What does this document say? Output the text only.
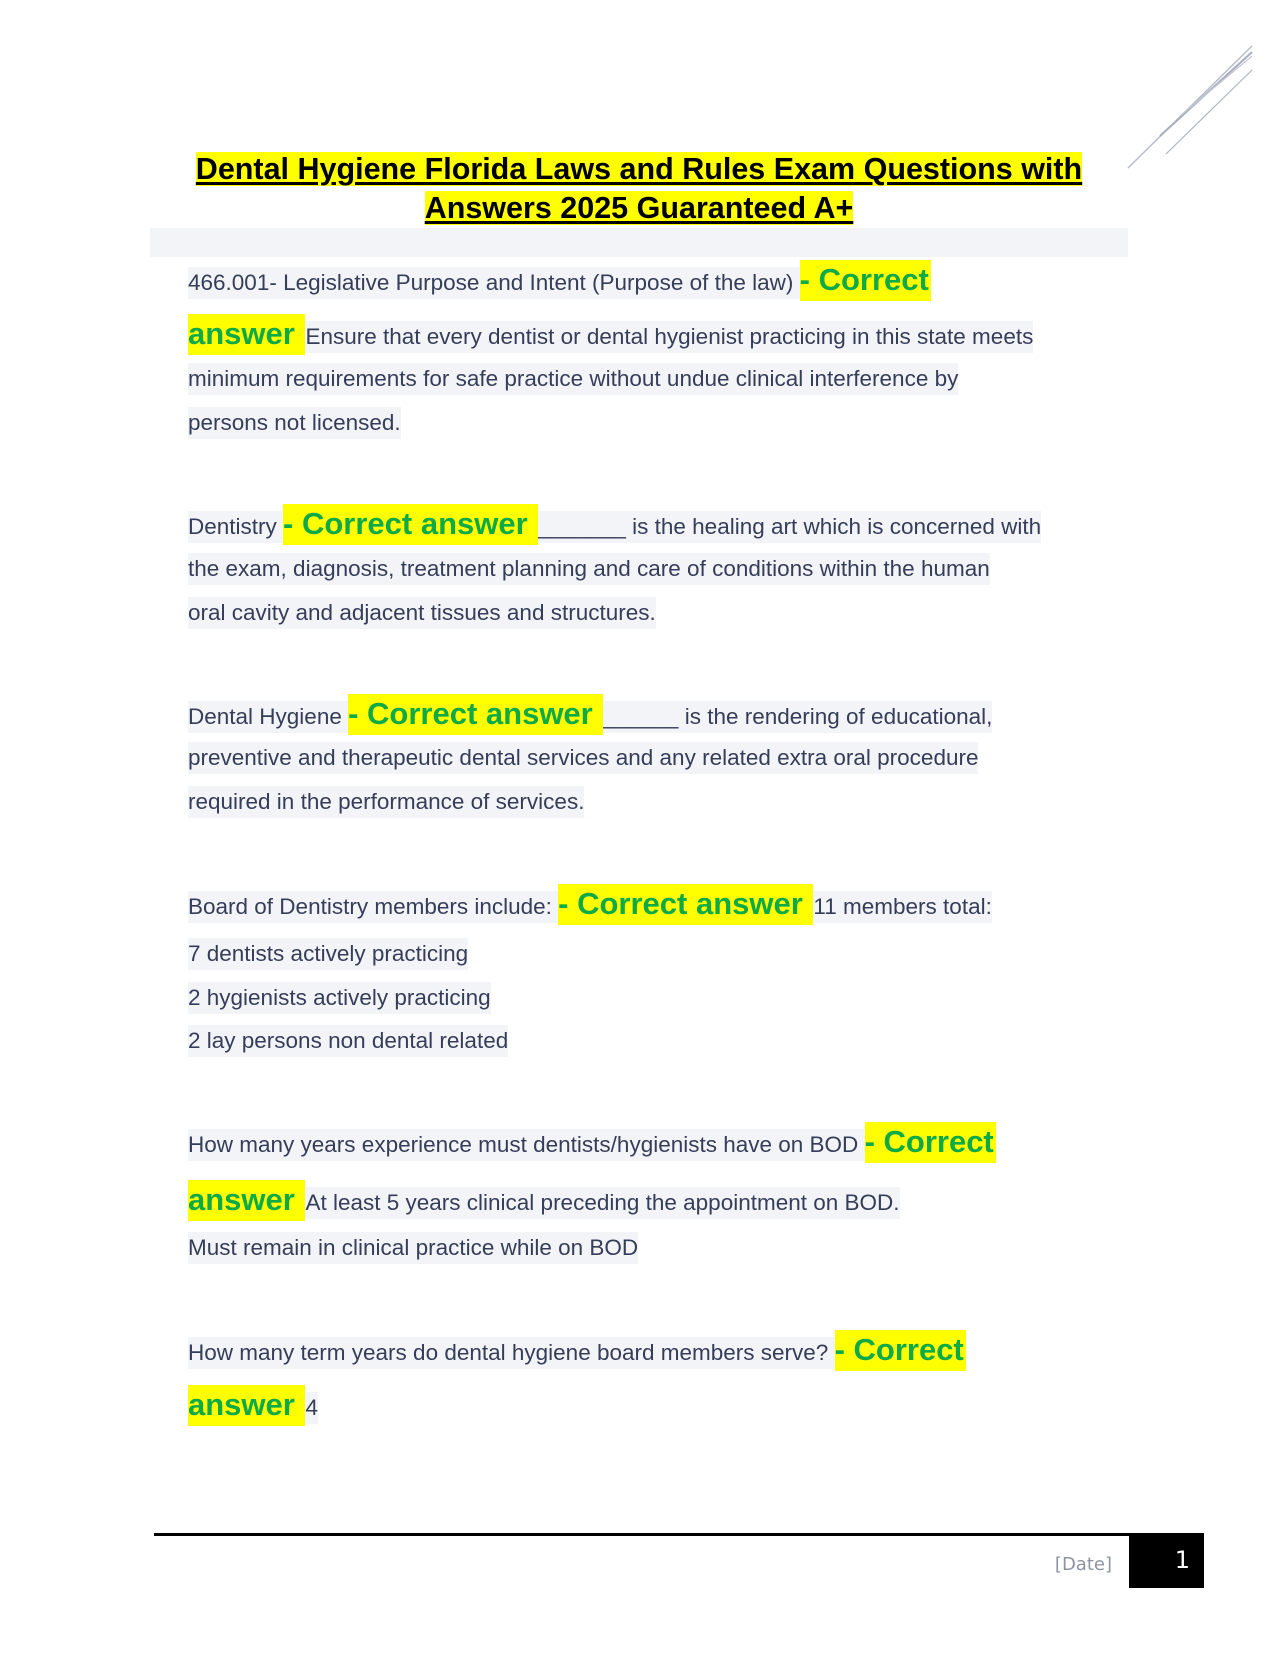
Dental Hygiene Florida Laws and Rules Exam Questions with
Answers 2025 Guaranteed A+
466.001- Legislative Purpose and Intent (Purpose of the law) - Correct
answer Ensure that every dentist or dental hygienist practicing in this state meets
minimum requirements for safe practice without undue clinical interference by
persons not licensed.
Dentistry - Correct answer _______ is the healing art which is concerned with
the exam, diagnosis, treatment planning and care of conditions within the human
oral cavity and adjacent tissues and structures.
Dental Hygiene - Correct answer ______ is the rendering of educational,
preventive and therapeutic dental services and any related extra oral procedure
required in the performance of services.
Board of Dentistry members include: - Correct answer 11 members total:
7 dentists actively practicing
2 hygienists actively practicing
2 lay persons non dental related
How many years experience must dentists/hygienists have on BOD - Correct
answer At least 5 years clinical preceding the appointment on BOD.
Must remain in clinical practice while on BOD
How many term years do dental hygiene board members serve? - Correct
answer 4
[Date]	1
